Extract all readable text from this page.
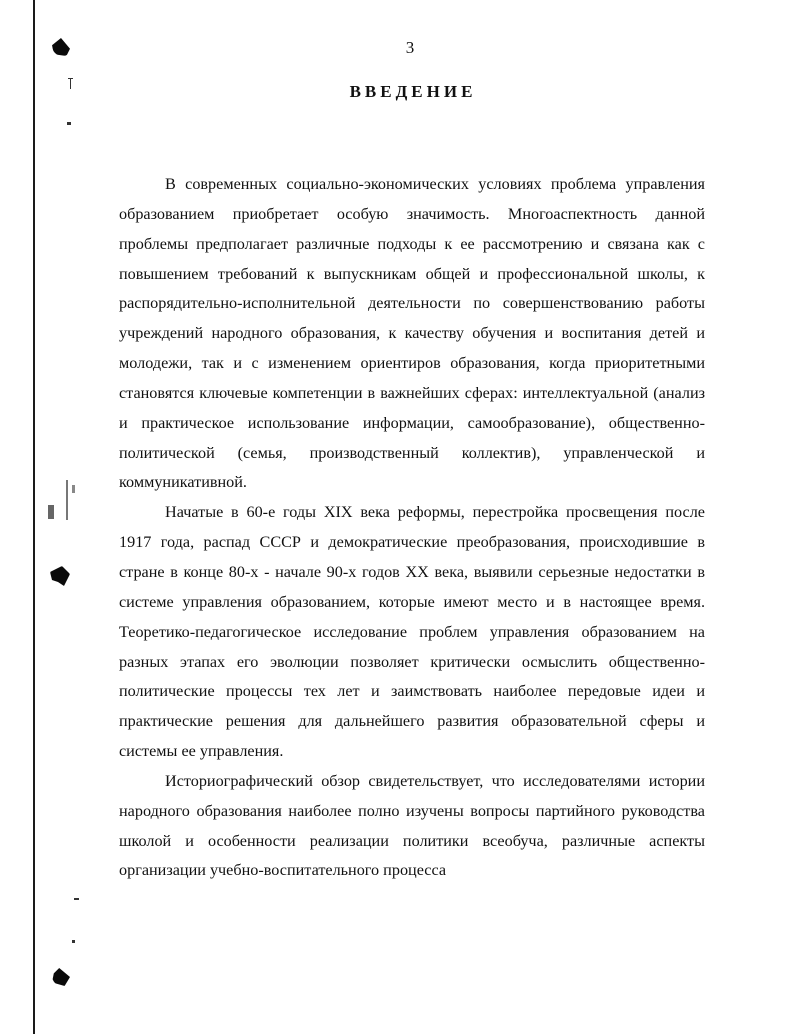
3
ВВЕДЕНИЕ

В современных социально-экономических условиях проблема управления образованием приобретает особую значимость. Многоаспектность данной проблемы предполагает различные подходы к ее рассмотрению и связана как с повышением требований к выпускникам общей и профессиональной школы, к распорядительно-исполнительной деятельности по совершенствованию работы учреждений народного образования, к качеству обучения и воспитания детей и молодежи, так и с изменением ориентиров образования, когда приоритетными становятся ключевые компетенции в важнейших сферах: интеллектуальной (анализ и практическое использование информации, самообразование), общественно-политической (семья, производственный коллектив), управленческой и коммуникативной.

Начатые в 60-е годы XIX века реформы, перестройка просвещения после 1917 года, распад СССР и демократические преобразования, происходившие в стране в конце 80-х - начале 90-х годов XX века, выявили серьезные недостатки в системе управления образованием, которые имеют место и в настоящее время. Теоретико-педагогическое исследование проблем управления образованием на разных этапах его эволюции позволяет критически осмыслить общественно-политические процессы тех лет и заимствовать наиболее передовые идеи и практические решения для дальнейшего развития образовательной сферы и системы ее управления.

Историографический обзор свидетельствует, что исследователями истории народного образования наиболее полно изучены вопросы партийного руководства школой и особенности реализации политики всеобуча, различные аспекты организации учебно-воспитательного процесса
